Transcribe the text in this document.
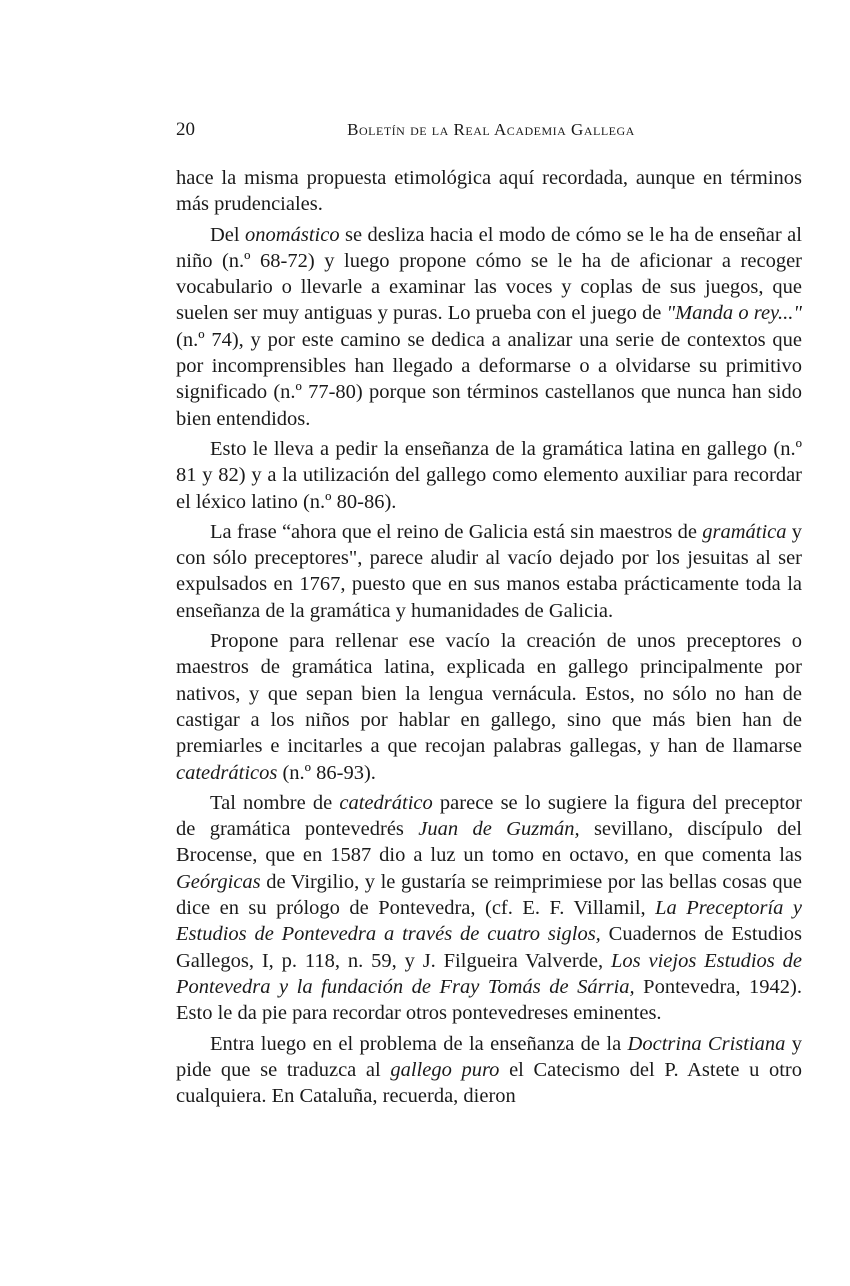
20	Boletín de la Real Academia Gallega

hace la misma propuesta etimológica aquí recordada, aunque en términos más prudenciales.

Del onomástico se desliza hacia el modo de cómo se le ha de enseñar al niño (n.º 68-72) y luego propone cómo se le ha de aficionar a recoger vocabulario o llevarle a examinar las voces y coplas de sus juegos, que suelen ser muy antiguas y puras. Lo prueba con el juego de "Manda o rey..." (n.º 74), y por este camino se dedica a analizar una serie de contextos que por incomprensibles han llegado a deformarse o a olvidarse su primitivo significado (n.º 77-80) porque son términos castellanos que nunca han sido bien entendidos.

Esto le lleva a pedir la enseñanza de la gramática latina en gallego (n.º 81 y 82) y a la utilización del gallego como elemento auxiliar para recordar el léxico latino (n.º 80-86).

La frase “ahora que el reino de Galicia está sin maestros de gramática y con sólo preceptores", parece aludir al vacío dejado por los jesuitas al ser expulsados en 1767, puesto que en sus manos estaba prácticamente toda la enseñanza de la gramática y humanidades de Galicia.

Propone para rellenar ese vacío la creación de unos preceptores o maestros de gramática latina, explicada en gallego principalmente por nativos, y que sepan bien la lengua vernácula. Estos, no sólo no han de castigar a los niños por hablar en gallego, sino que más bien han de premiarles e incitarles a que recojan palabras gallegas, y han de llamarse catedráticos (n.º 86-93).

Tal nombre de catedrático parece se lo sugiere la figura del preceptor de gramática pontevedrés Juan de Guzmán, sevillano, discípulo del Brocense, que en 1587 dio a luz un tomo en octavo, en que comenta las Geórgicas de Virgilio, y le gustaría se reimprimiese por las bellas cosas que dice en su prólogo de Pontevedra, (cf. E. F. Villamil, La Preceptoría y Estudios de Pontevedra a través de cuatro siglos, Cuadernos de Estudios Gallegos, I, p. 118, n. 59, y J. Filgueira Valverde, Los viejos Estudios de Pontevedra y la fundación de Fray Tomás de Sárria, Pontevedra, 1942). Esto le da pie para recordar otros pontevedreses eminentes.

Entra luego en el problema de la enseñanza de la Doctrina Cristiana y pide que se traduzca al gallego puro el Catecismo del P. Astete u otro cualquiera. En Cataluña, recuerda, dieron
